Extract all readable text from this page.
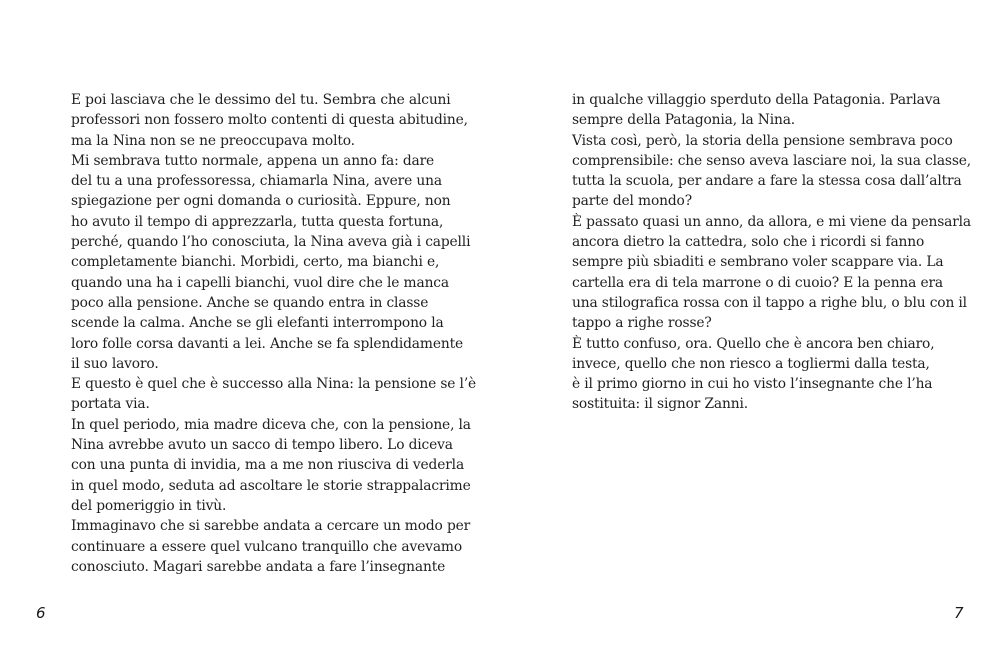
E poi lasciava che le dessimo del tu. Sembra che alcuni
professori non fossero molto contenti di questa abitudine,
ma la Nina non se ne preoccupava molto.
Mi sembrava tutto normale, appena un anno fa: dare
del tu a una professoressa, chiamarla Nina, avere una
spiegazione per ogni domanda o curiosità. Eppure, non
ho avuto il tempo di apprezzarla, tutta questa fortuna,
perché, quando l’ho conosciuta, la Nina aveva già i capelli
completamente bianchi. Morbidi, certo, ma bianchi e,
quando una ha i capelli bianchi, vuol dire che le manca
poco alla pensione. Anche se quando entra in classe
scende la calma. Anche se gli elefanti interrompono la
loro folle corsa davanti a lei. Anche se fa splendidamente
il suo lavoro.
E questo è quel che è successo alla Nina: la pensione se l’è
portata via.
In quel periodo, mia madre diceva che, con la pensione, la
Nina avrebbe avuto un sacco di tempo libero. Lo diceva
con una punta di invidia, ma a me non riusciva di vederla
in quel modo, seduta ad ascoltare le storie strappalacrime
del pomeriggio in tivù.
Immaginavo che si sarebbe andata a cercare un modo per
continuare a essere quel vulcano tranquillo che avevamo
conosciuto. Magari sarebbe andata a fare l’insegnante
in qualche villaggio sperduto della Patagonia. Parlava
sempre della Patagonia, la Nina.
Vista così, però, la storia della pensione sembrava poco
comprensibile: che senso aveva lasciare noi, la sua classe,
tutta la scuola, per andare a fare la stessa cosa dall’altra
parte del mondo?
È passato quasi un anno, da allora, e mi viene da pensarla
ancora dietro la cattedra, solo che i ricordi si fanno
sempre più sbiaditi e sembrano voler scappare via. La
cartella era di tela marrone o di cuoio? E la penna era
una stilografica rossa con il tappo a righe blu, o blu con il
tappo a righe rosse?
È tutto confuso, ora. Quello che è ancora ben chiaro,
invece, quello che non riesco a togliermi dalla testa,
è il primo giorno in cui ho visto l’insegnante che l’ha
sostituita: il signor Zanni.
6	7
